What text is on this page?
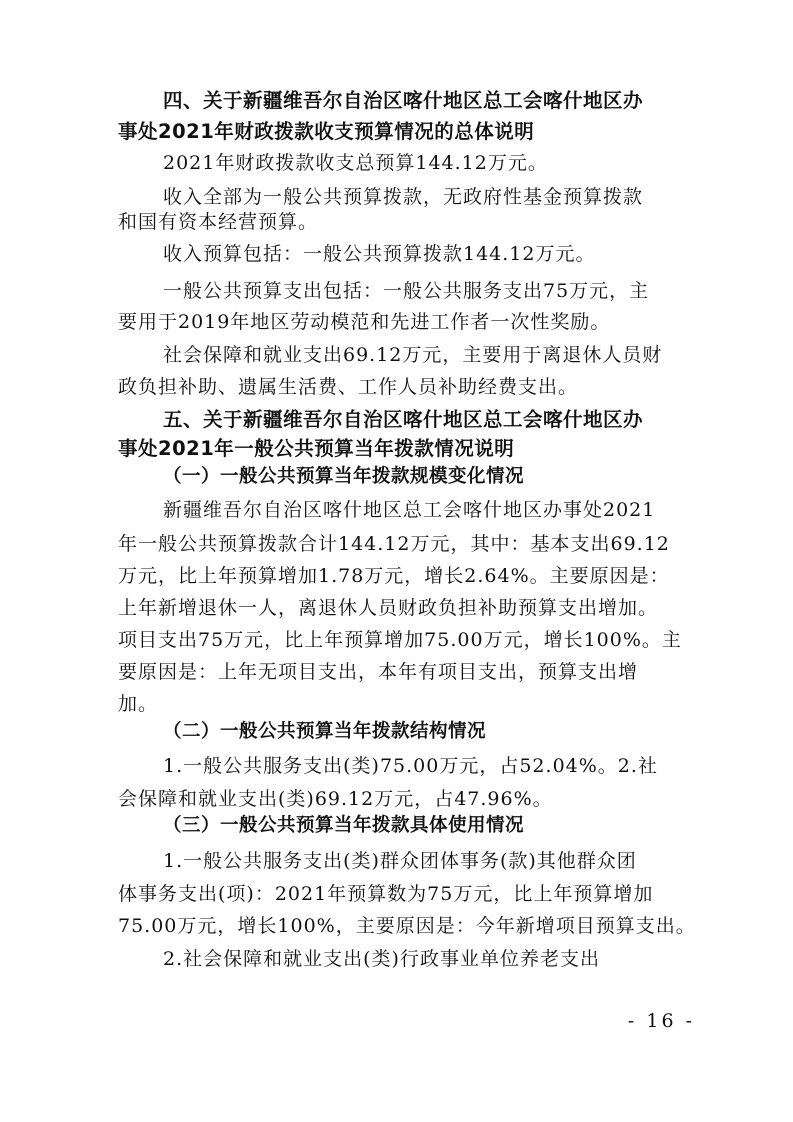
四、关于新疆维吾尔自治区喀什地区总工会喀什地区办
事处2021年财政拨款收支预算情况的总体说明
2021年财政拨款收支总预算144.12万元。
收入全部为一般公共预算拨款，无政府性基金预算拨款
和国有资本经营预算。
收入预算包括：一般公共预算拨款144.12万元。
一般公共预算支出包括：一般公共服务支出75万元，主
要用于2019年地区劳动模范和先进工作者一次性奖励。
社会保障和就业支出69.12万元，主要用于离退休人员财
政负担补助、遗属生活费、工作人员补助经费支出。
五、关于新疆维吾尔自治区喀什地区总工会喀什地区办
事处2021年一般公共预算当年拨款情况说明
（一）一般公共预算当年拨款规模变化情况
新疆维吾尔自治区喀什地区总工会喀什地区办事处2021
年一般公共预算拨款合计144.12万元，其中：基本支出69.12
万元，比上年预算增加1.78万元，增长2.64%。主要原因是：
上年新增退休一人，离退休人员财政负担补助预算支出增加。
项目支出75万元，比上年预算增加75.00万元，增长100%。主
要原因是：上年无项目支出，本年有项目支出，预算支出增
加。
（二）一般公共预算当年拨款结构情况
1.一般公共服务支出(类)75.00万元，占52.04%。2.社
会保障和就业支出(类)69.12万元，占47.96%。
（三）一般公共预算当年拨款具体使用情况
1.一般公共服务支出(类)群众团体事务(款)其他群众团
体事务支出(项)：2021年预算数为75万元，比上年预算增加
75.00万元，增长100%，主要原因是：今年新增项目预算支出。
2.社会保障和就业支出(类)行政事业单位养老支出
- 16 -
